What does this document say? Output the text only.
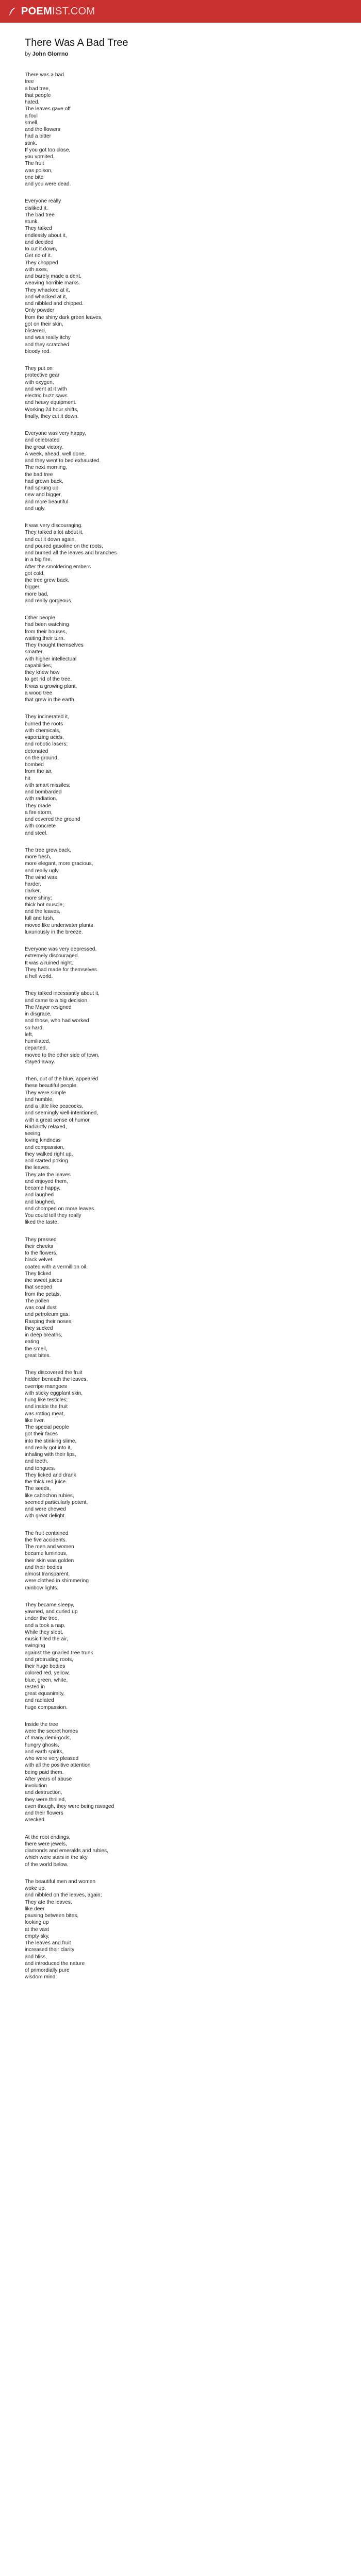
POEM IST.COM
There Was A Bad Tree
by John Glorrno
There was a bad
tree
a bad tree,
that people
hated.
The leaves gave off
a foul
smell,
and the flowers
had a bitter
stink.
If you got too close,
you vomited.
The fruit
was poison,
one bite
and you were dead.
Everyone really
disliked it.
The bad tree
stunk.
They talked
endlessly about it,
and decided
to cut it down,
Get rid of it.
They chopped
with axes,
and barely made a dent,
weaving horrible marks.
They whacked at it,
and whacked at it,
and nibbled and chipped.
Only powder
from the shiny dark green leaves,
got on their skin,
blistered,
and was really itchy
and they scratched
bloody red.
They put on
protective gear
with oxygen,
and went at it with
electric buzz saws
and heavy equipment.
Working 24 hour shifts,
finally, they cut it down.
Everyone was very happy,
and celebrated
the great victory.
A week, ahead, well done,
and they went to bed exhausted.
The next morning,
the bad tree
had grown back,
had sprung up
new and bigger,
and more beautiful
and ugly.
It was very discouraging.
They talked a lot about it,
and cut it down again,
and poured gasoline on the roots,
and burned all the leaves and branches
in a big fire.
After the smoldering embers
got cold,
the tree grew back,
bigger,
more bad,
and really gorgeous.
Other people
had been watching
from their houses,
waiting their turn.
They thought themselves
smarter,
with higher intellectual
capabilities,
they knew how
to get rid of the tree.
It was a growing plant,
a wood tree
that grew in the earth.
They incinerated it,
burned the roots
with chemicals,
vaporizing acids,
and robotic lasers;
detonated
on the ground,
bombed
from the air,
hit
with smart missiles;
and bombarded
with radiation.
They made
a fire storm,
and covered the ground
with concrete
and steel.
The tree grew back,
more fresh,
more elegant, more gracious,
and really ugly.
The wind was
harder,
darker,
more shiny;
thick hot muscle;
and the leaves,
full and lush,
moved like underwater plants
luxuriously in the breeze.
Everyone was very depressed,
extremely discouraged.
It was a ruined night.
They had made for themselves
a hell world.
They talked incessantly about it,
and came to a big decision.
The Mayor resigned
in disgrace,
and those, who had worked
so hard,
left,
humiliated,
departed,
moved to the other side of town,
stayed away.
Then, out of the blue, appeared
these beautiful people.
They were simple
and humble,
and a little like peacocks,
and seemingly well-intentioned,
with a great sense of humor.
Radiantly relaxed,
seeing
loving kindness
and compassion,
they walked right up,
and started poking
the leaves.
They ate the leaves
and enjoyed them,
became happy,
and laughed
and laughed,
and chomped on more leaves.
You could tell they really
liked the taste.
They pressed
their cheeks
to the flowers,
black velvet
coated with a vermillion oil.
They licked
the sweet juices
that seeped
from the petals.
The pollen
was coal dust
and petroleum gas.
Rasping their noses,
they sucked
in deep breaths,
eating
the smell,
great bites.
They discovered the fruit
hidden beneath the leaves,
overripe mangoes
with sticky eggplant skin,
hung like testicles;
and inside the fruit
was rotting meat,
like liver.
The special people
got their faces
into the stinking slime,
and really got into it,
inhaling with their lips,
and teeth,
and tongues.
They licked and drank
the thick red juice.
The seeds,
like cabochon rubies,
seemed particularly potent,
and were chewed
with great delight.
The fruit contained
the five accidents.
The men and women
became luminous,
their skin was golden
and their bodies
almost transparent,
were clothed in shimmering
rainbow lights.
They became sleepy,
yawned, and curled up
under the tree,
and a took a nap.
While they slept,
music filled the air,
swinging
against the gnarled tree trunk
and protruding roots,
their huge bodies
colored red, yellow,
blue, green, white,
rested in
great equanimity,
and radiated
huge compassion.
Inside the tree
were the secret homes
of many demi-gods,
hungry ghosts,
and earth spirits,
who were very pleased
with all the positive attention
being paid them.
After years of abuse
involution
and destruction,
they were thrilled,
even though, they were being ravaged
and their flowers
wrecked.
At the root endings,
there were jewels,
diamonds and emeralds and rubies,
which were stars in the sky
of the world below.
The beautiful men and women
woke up,
and nibbled on the leaves, again;
They ate the leaves,
like deer
pausing between bites,
looking up
at the vast
empty sky.
The leaves and fruit
increased their clarity
and bliss,
and introduced the nature
of primordially pure
wisdom mind.
